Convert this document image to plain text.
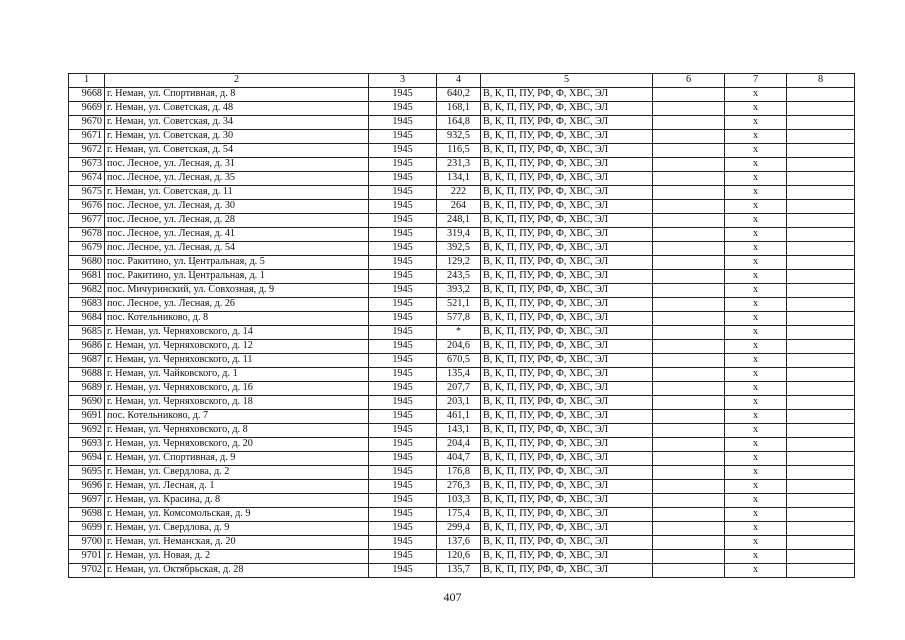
1	2	3	4	5	6	7	8
9668	г. Неман, ул. Спортивная, д. 8	1945	640,2	В, К, П, ПУ, РФ, Ф, ХВС, ЭЛ		х	
9669	г. Неман, ул. Советская, д. 48	1945	168,1	В, К, П, ПУ, РФ, Ф, ХВС, ЭЛ		х	
9670	г. Неман, ул. Советская, д. 34	1945	164,8	В, К, П, ПУ, РФ, Ф, ХВС, ЭЛ		х	
9671	г. Неман, ул. Советская, д. 30	1945	932,5	В, К, П, ПУ, РФ, Ф, ХВС, ЭЛ		х	
9672	г. Неман, ул. Советская, д. 54	1945	116,5	В, К, П, ПУ, РФ, Ф, ХВС, ЭЛ		х	
9673	пос. Лесное, ул. Лесная, д. 31	1945	231,3	В, К, П, ПУ, РФ, Ф, ХВС, ЭЛ		х	
9674	пос. Лесное, ул. Лесная, д. 35	1945	134,1	В, К, П, ПУ, РФ, Ф, ХВС, ЭЛ		х	
9675	г. Неман, ул. Советская, д. 11	1945	222	В, К, П, ПУ, РФ, Ф, ХВС, ЭЛ		х	
9676	пос. Лесное, ул. Лесная, д. 30	1945	264	В, К, П, ПУ, РФ, Ф, ХВС, ЭЛ		х	
9677	пос. Лесное, ул. Лесная, д. 28	1945	248,1	В, К, П, ПУ, РФ, Ф, ХВС, ЭЛ		х	
9678	пос. Лесное, ул. Лесная, д. 41	1945	319,4	В, К, П, ПУ, РФ, Ф, ХВС, ЭЛ		х	
9679	пос. Лесное, ул. Лесная, д. 54	1945	392,5	В, К, П, ПУ, РФ, Ф, ХВС, ЭЛ		х	
9680	пос. Ракитино, ул. Центральная, д. 5	1945	129,2	В, К, П, ПУ, РФ, Ф, ХВС, ЭЛ		х	
9681	пос. Ракитино, ул. Центральная, д. 1	1945	243,5	В, К, П, ПУ, РФ, Ф, ХВС, ЭЛ		х	
9682	пос. Мичуринский, ул. Совхозная, д. 9	1945	393,2	В, К, П, ПУ, РФ, Ф, ХВС, ЭЛ		х	
9683	пос. Лесное, ул. Лесная, д. 26	1945	521,1	В, К, П, ПУ, РФ, Ф, ХВС, ЭЛ		х	
9684	пос. Котельниково, д. 8	1945	577,8	В, К, П, ПУ, РФ, Ф, ХВС, ЭЛ		х	
9685	г. Неман, ул. Черняховского, д. 14	1945	*	В, К, П, ПУ, РФ, Ф, ХВС, ЭЛ		х	
9686	г. Неман, ул. Черняховского, д. 12	1945	204,6	В, К, П, ПУ, РФ, Ф, ХВС, ЭЛ		х	
9687	г. Неман, ул. Черняховского, д. 11	1945	670,5	В, К, П, ПУ, РФ, Ф, ХВС, ЭЛ		х	
9688	г. Неман, ул. Чайковского, д. 1	1945	135,4	В, К, П, ПУ, РФ, Ф, ХВС, ЭЛ		х	
9689	г. Неман, ул. Черняховского, д. 16	1945	207,7	В, К, П, ПУ, РФ, Ф, ХВС, ЭЛ		х	
9690	г. Неман, ул. Черняховского, д. 18	1945	203,1	В, К, П, ПУ, РФ, Ф, ХВС, ЭЛ		х	
9691	пос. Котельниково, д. 7	1945	461,1	В, К, П, ПУ, РФ, Ф, ХВС, ЭЛ		х	
9692	г. Неман, ул. Черняховского, д. 8	1945	143,1	В, К, П, ПУ, РФ, Ф, ХВС, ЭЛ		х	
9693	г. Неман, ул. Черняховского, д. 20	1945	204,4	В, К, П, ПУ, РФ, Ф, ХВС, ЭЛ		х	
9694	г. Неман, ул. Спортивная, д. 9	1945	404,7	В, К, П, ПУ, РФ, Ф, ХВС, ЭЛ		х	
9695	г. Неман, ул. Свердлова, д. 2	1945	176,8	В, К, П, ПУ, РФ, Ф, ХВС, ЭЛ		х	
9696	г. Неман, ул. Лесная, д. 1	1945	276,3	В, К, П, ПУ, РФ, Ф, ХВС, ЭЛ		х	
9697	г. Неман, ул. Красина, д. 8	1945	103,3	В, К, П, ПУ, РФ, Ф, ХВС, ЭЛ		х	
9698	г. Неман, ул. Комсомольская, д. 9	1945	175,4	В, К, П, ПУ, РФ, Ф, ХВС, ЭЛ		х	
9699	г. Неман, ул. Свердлова, д. 9	1945	299,4	В, К, П, ПУ, РФ, Ф, ХВС, ЭЛ		х	
9700	г. Неман, ул. Неманская, д. 20	1945	137,6	В, К, П, ПУ, РФ, Ф, ХВС, ЭЛ		х	
9701	г. Неман, ул. Новая, д. 2	1945	120,6	В, К, П, ПУ, РФ, Ф, ХВС, ЭЛ		х	
9702	г. Неман, ул. Октябрьская, д. 28	1945	135,7	В, К, П, ПУ, РФ, Ф, ХВС, ЭЛ		х	
407
